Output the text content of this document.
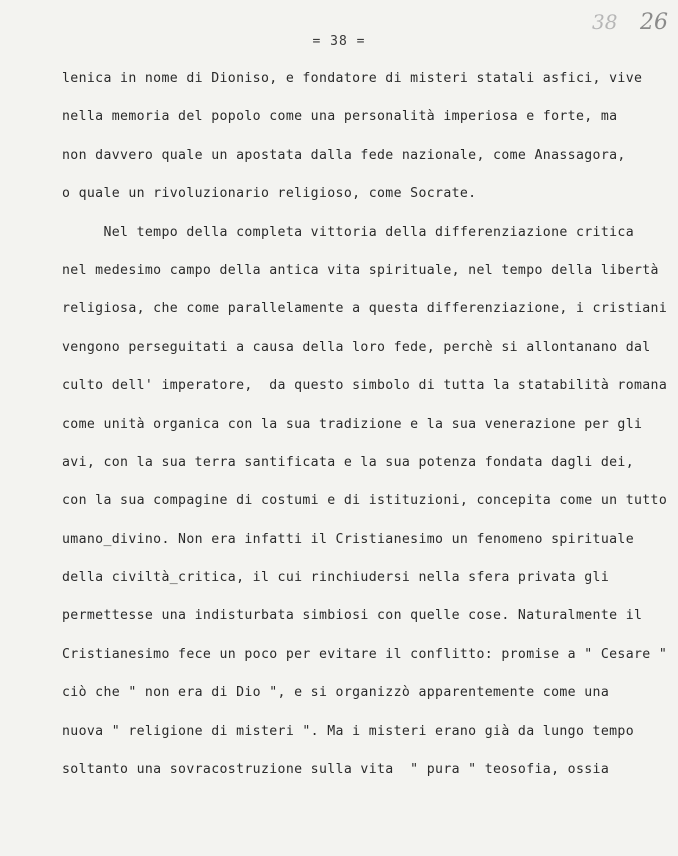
= 38 =
38 26
lenica in nome di Dioniso, e fondatore di misteri statali asfici, vive
nella memoria del popolo come una personalità imperiosa e forte, ma
non davvero quale un apostata dalla fede nazionale, come Anassagora,
o quale un rivoluzionario religioso, come Socrate.
Nel tempo della completa vittoria della differenziazione critica
nel medesimo campo della antica vita spirituale, nel tempo della libertà
religiosa, che come parallelamente a questa differenziazione, i cristiani
vengono perseguitati a causa della loro fede, perchè si allontanano dal
culto dell' imperatore,  da questo simbolo di tutta la statabilità romana
come unità organica con la sua tradizione e la sua venerazione per gli
avi, con la sua terra santificata e la sua potenza fondata dagli dei,
con la sua compagine di costumi e di istituzioni, concepita come un tutto
umano_divino. Non era infatti il Cristianesimo un fenomeno spirituale
della civiltà_critica, il cui rinchiudersi nella sfera privata gli
permettesse una indisturbata simbiosi con quelle cose. Naturalmente il
Cristianesimo fece un poco per evitare il conflitto: promise a " Cesare "
ciò che " non era di Dio ", e si organizzò apparentemente come una
nuova " religione di misteri ". Ma i misteri erano già da lungo tempo
soltanto una sovracostruzione sulla vita  " pura " teosofia, ossia
